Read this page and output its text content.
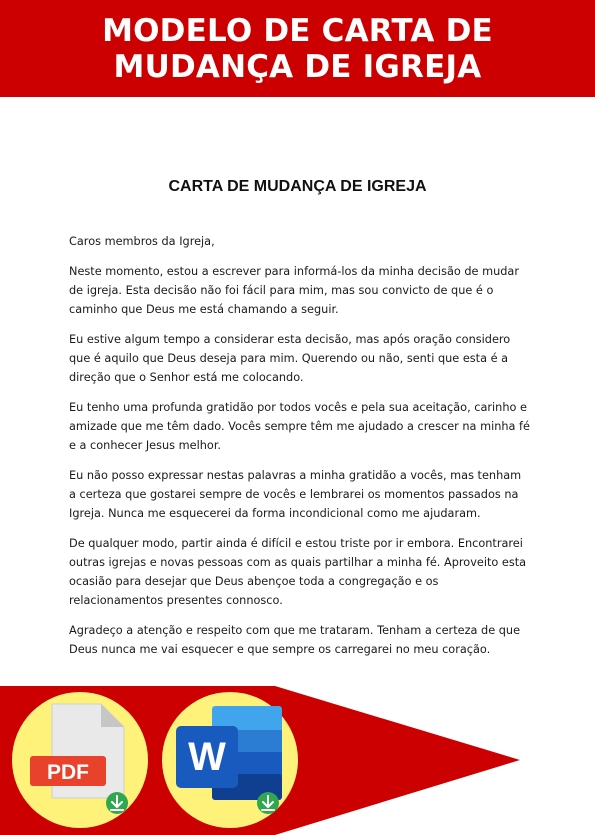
MODELO DE CARTA DE MUDANÇA DE IGREJA
CARTA DE MUDANÇA DE IGREJA

Caros membros da Igreja,

Neste momento, estou a escrever para informá-los da minha decisão de mudar de igreja. Esta decisão não foi fácil para mim, mas sou convicto de que é o caminho que Deus me está chamando a seguir.

Eu estive algum tempo a considerar esta decisão, mas após oração considero que é aquilo que Deus deseja para mim. Querendo ou não, senti que esta é a direção que o Senhor está me colocando.

Eu tenho uma profunda gratidão por todos vocês e pela sua aceitação, carinho e amizade que me têm dado. Vocês sempre têm me ajudado a crescer na minha fé e a conhecer Jesus melhor.

Eu não posso expressar nestas palavras a minha gratidão a vocês, mas tenham a certeza que gostarei sempre de vocês e lembrarei os momentos passados na Igreja. Nunca me esquecerei da forma incondicional como me ajudaram.

De qualquer modo, partir ainda é difícil e estou triste por ir embora. Encontrarei outras igrejas e novas pessoas com as quais partilhar a minha fé. Aproveito esta ocasião para desejar que Deus abençoe toda a congregação e os relacionamentos presentes connosco.

Agradeço a atenção e respeito com que me trataram. Tenham a certeza de que Deus nunca me vai esquecer e que sempre os carregarei no meu coração.

PDF W
